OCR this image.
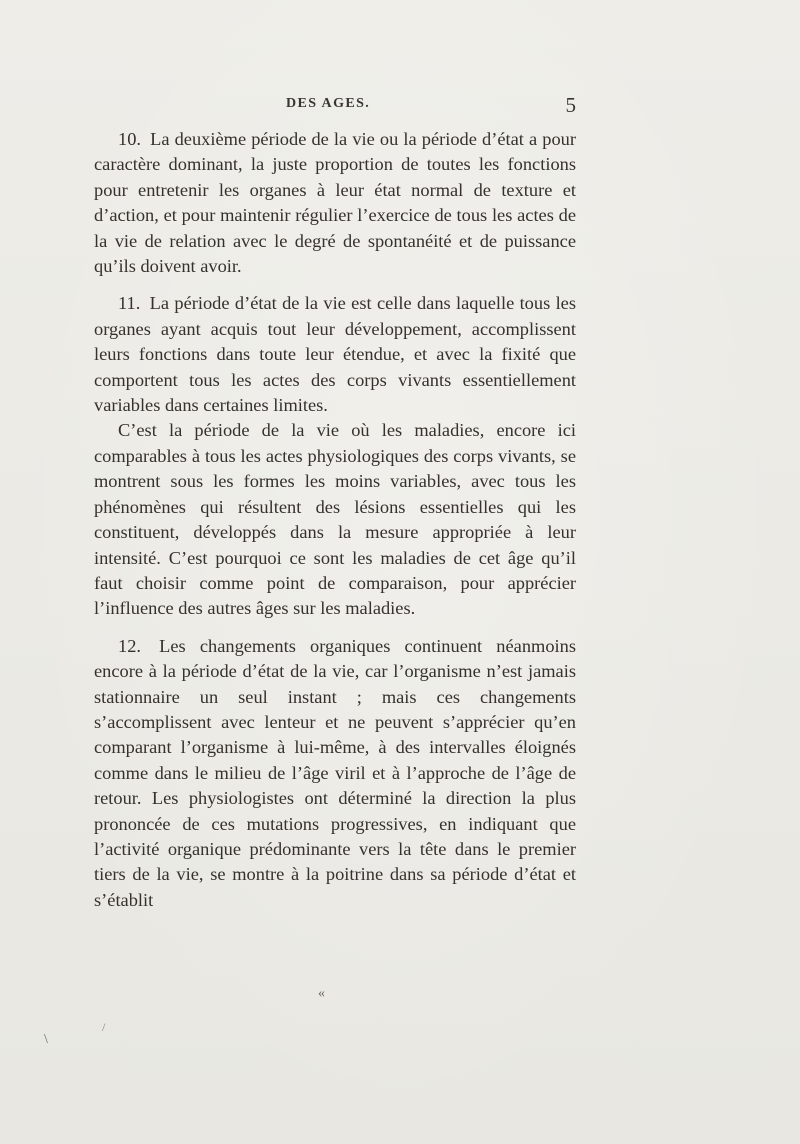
DES AGES.	5

10. La deuxième période de la vie ou la période d’état a pour caractère dominant, la juste proportion de toutes les fonctions pour entretenir les organes à leur état normal de texture et d’action, et pour maintenir régulier l’exercice de tous les actes de la vie de relation avec le degré de spontanéité et de puissance qu’ils doivent avoir.

11. La période d’état de la vie est celle dans laquelle tous les organes ayant acquis tout leur développement, accomplissent leurs fonctions dans toute leur étendue, et avec la fixité que comportent tous les actes des corps vivants essentiellement variables dans certaines limites.

C’est la période de la vie où les maladies, encore ici comparables à tous les actes physiologiques des corps vivants, se montrent sous les formes les moins variables, avec tous les phénomènes qui résultent des lésions essentielles qui les constituent, développés dans la mesure appropriée à leur intensité. C’est pourquoi ce sont les maladies de cet âge qu’il faut choisir comme point de comparaison, pour apprécier l’influence des autres âges sur les maladies.

12. Les changements organiques continuent néanmoins encore à la période d’état de la vie, car l’organisme n’est jamais stationnaire un seul instant ; mais ces changements s’accomplissent avec lenteur et ne peuvent s’apprécier qu’en comparant l’organisme à lui-même, à des intervalles éloignés comme dans le milieu de l’âge viril et à l’approche de l’âge de retour. Les physiologistes ont déterminé la direction la plus prononcée de ces mutations progressives, en indiquant que l’activité organique prédominante vers la tête dans le premier tiers de la vie, se montre à la poitrine dans sa période d’état et s’établit

«
\
/
